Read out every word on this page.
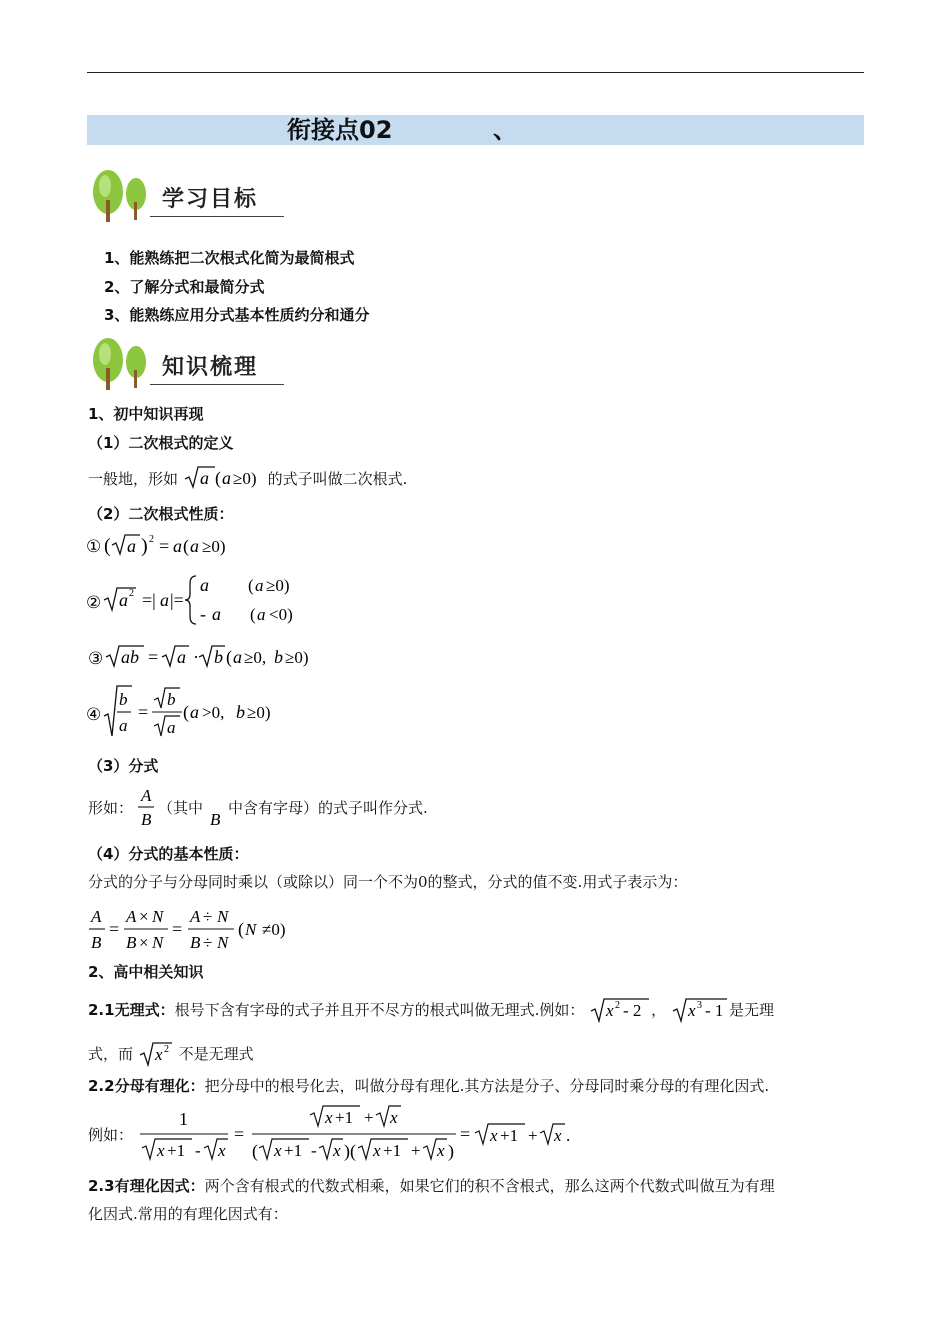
衔接点02	、
学习目标
1、能熟练把二次根式化简为最简根式
2、了解分式和最简分式
3、能熟练应用分式基本性质约分和通分
知识梳理
1、初中知识再现
（1）二次根式的定义
一般地，形如 a ( a ≥0) 的式子叫做二次根式.
（2）二次根式性质：
① ( a ) 2 = a ( a ≥0)
② a 2 =| a |=
a ( a ≥0)
- a ( a <0)
③ ab = a · b ( a ≥0, b ≥0)
④
b
a
=
b
a
( a >0, b ≥0)
（3）分式
形如：
A
B
（其中
B
中含有字母）的式子叫作分式.
（4）分式的基本性质：
分式的分子与分母同时乘以（或除以）同一个不为0的整式，分式的值不变.用式子表示为：
A
B
=
A × N
B × N
=
A ÷ N
B ÷ N
( N ≠0)
2、高中相关知识
2.1无理式：根号下含有字母的式子并且开不尽方的根式叫做无理式.例如： x 2 - 2 ， x 3 - 1 是无理
式，而 x 2 不是无理式
2.2分母有理化：把分母中的根号化去，叫做分母有理化.其方法是分子、分母同时乘分母的有理化因式.
例如：
1
x +1 - x
=
x +1 + x
( x +1 - x )( x +1 + x )
= x +1 + x .
2.3有理化因式：两个含有根式的代数式相乘，如果它们的积不含根式，那么这两个代数式叫做互为有理
化因式.常用的有理化因式有：
